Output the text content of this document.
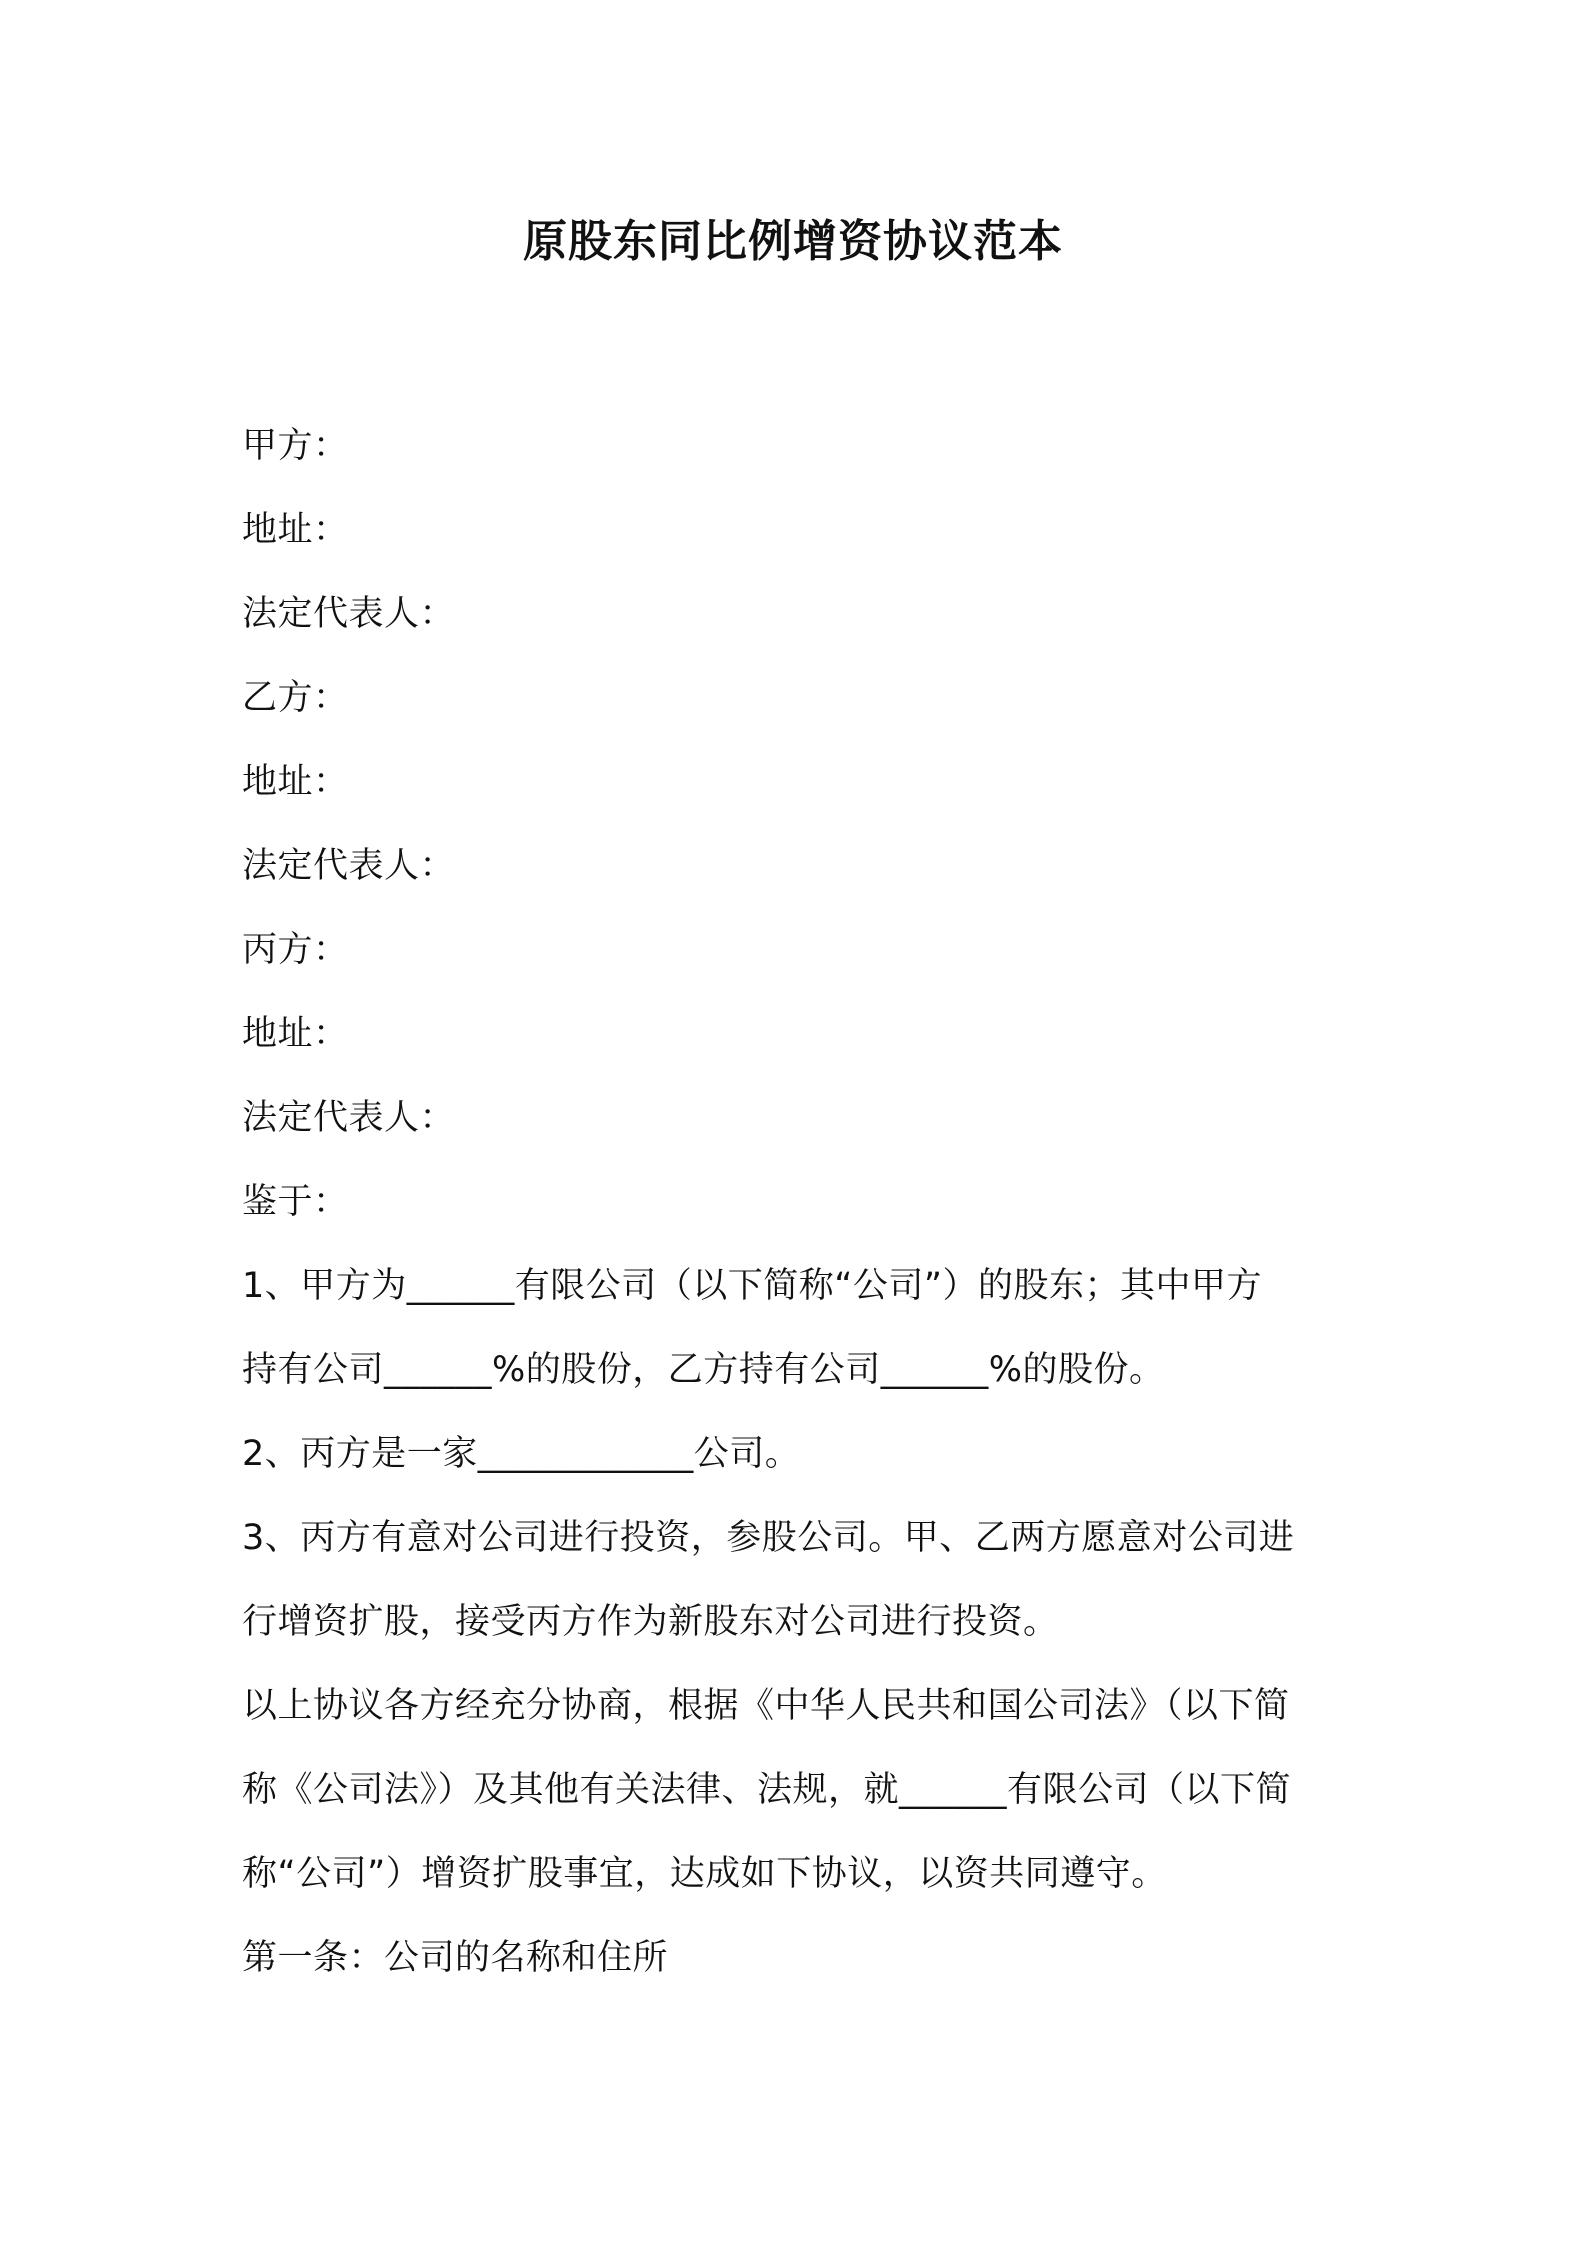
原股东同比例增资协议范本
甲方：
地址：
法定代表人：
乙方：
地址：
法定代表人：
丙方：
地址：
法定代表人：
鉴于：
1、甲方为______有限公司（以下简称“公司”）的股东；其中甲方
持有公司______%的股份，乙方持有公司______%的股份。
2、丙方是一家____________公司。
3、丙方有意对公司进行投资，参股公司。甲、乙两方愿意对公司进
行增资扩股，接受丙方作为新股东对公司进行投资。
以上协议各方经充分协商，根据《中华人民共和国公司法》（以下简
称《公司法》）及其他有关法律、法规，就______有限公司（以下简
称“公司”）增资扩股事宜，达成如下协议，以资共同遵守。
第一条：公司的名称和住所
